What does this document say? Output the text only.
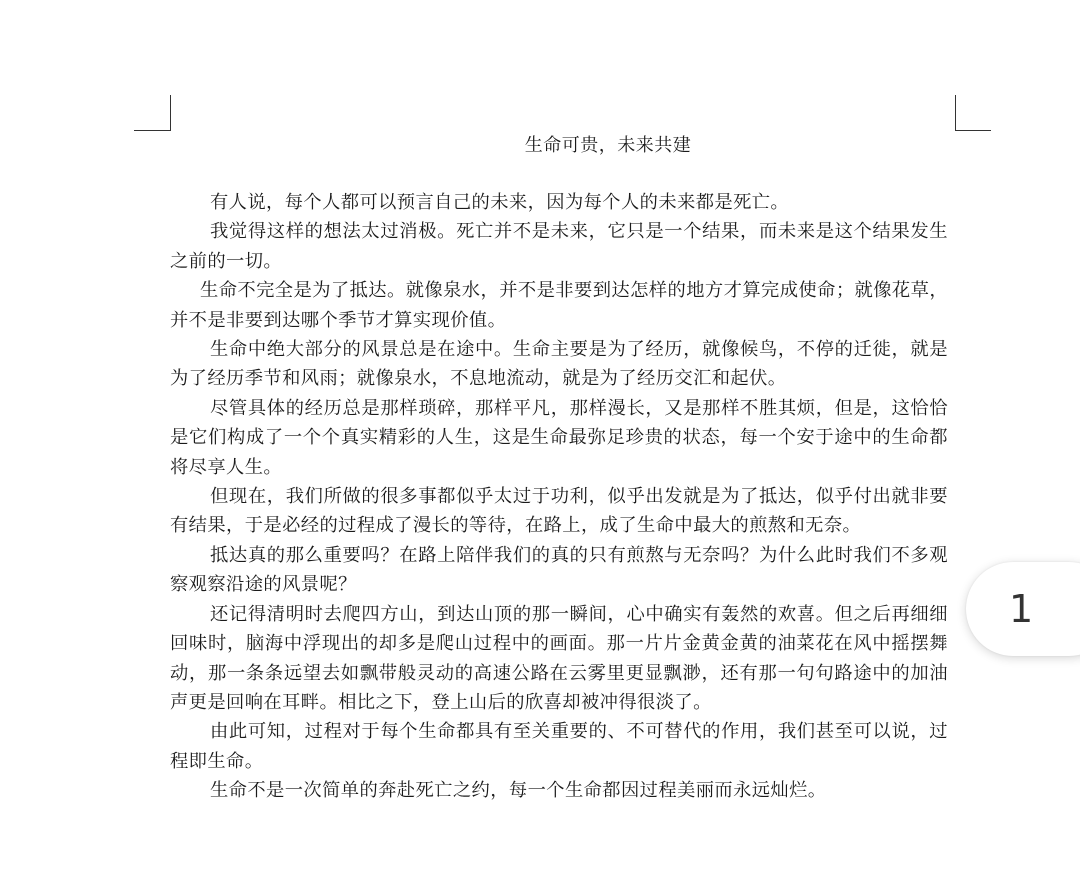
生命可贵，未来共建

有人说，每个人都可以预言自己的未来，因为每个人的未来都是死亡。

我觉得这样的想法太过消极。死亡并不是未来，它只是一个结果，而未来是这个结果发生之前的一切。

生命不完全是为了抵达。就像泉水，并不是非要到达怎样的地方才算完成使命；就像花草，并不是非要到达哪个季节才算实现价值。

生命中绝大部分的风景总是在途中。生命主要是为了经历，就像候鸟，不停的迁徙，就是为了经历季节和风雨；就像泉水，不息地流动，就是为了经历交汇和起伏。

尽管具体的经历总是那样琐碎，那样平凡，那样漫长，又是那样不胜其烦，但是，这恰恰是它们构成了一个个真实精彩的人生，这是生命最弥足珍贵的状态，每一个安于途中的生命都将尽享人生。

但现在，我们所做的很多事都似乎太过于功利，似乎出发就是为了抵达，似乎付出就非要有结果，于是必经的过程成了漫长的等待，在路上，成了生命中最大的煎熬和无奈。

抵达真的那么重要吗？在路上陪伴我们的真的只有煎熬与无奈吗？为什么此时我们不多观察观察沿途的风景呢？

还记得清明时去爬四方山，到达山顶的那一瞬间，心中确实有轰然的欢喜。但之后再细细回味时，脑海中浮现出的却多是爬山过程中的画面。那一片片金黄金黄的油菜花在风中摇摆舞动，那一条条远望去如飘带般灵动的高速公路在云雾里更显飘渺，还有那一句句路途中的加油声更是回响在耳畔。相比之下，登上山后的欣喜却被冲得很淡了。

由此可知，过程对于每个生命都具有至关重要的、不可替代的作用，我们甚至可以说，过程即生命。

生命不是一次简单的奔赴死亡之约，每一个生命都因过程美丽而永远灿烂。

1
